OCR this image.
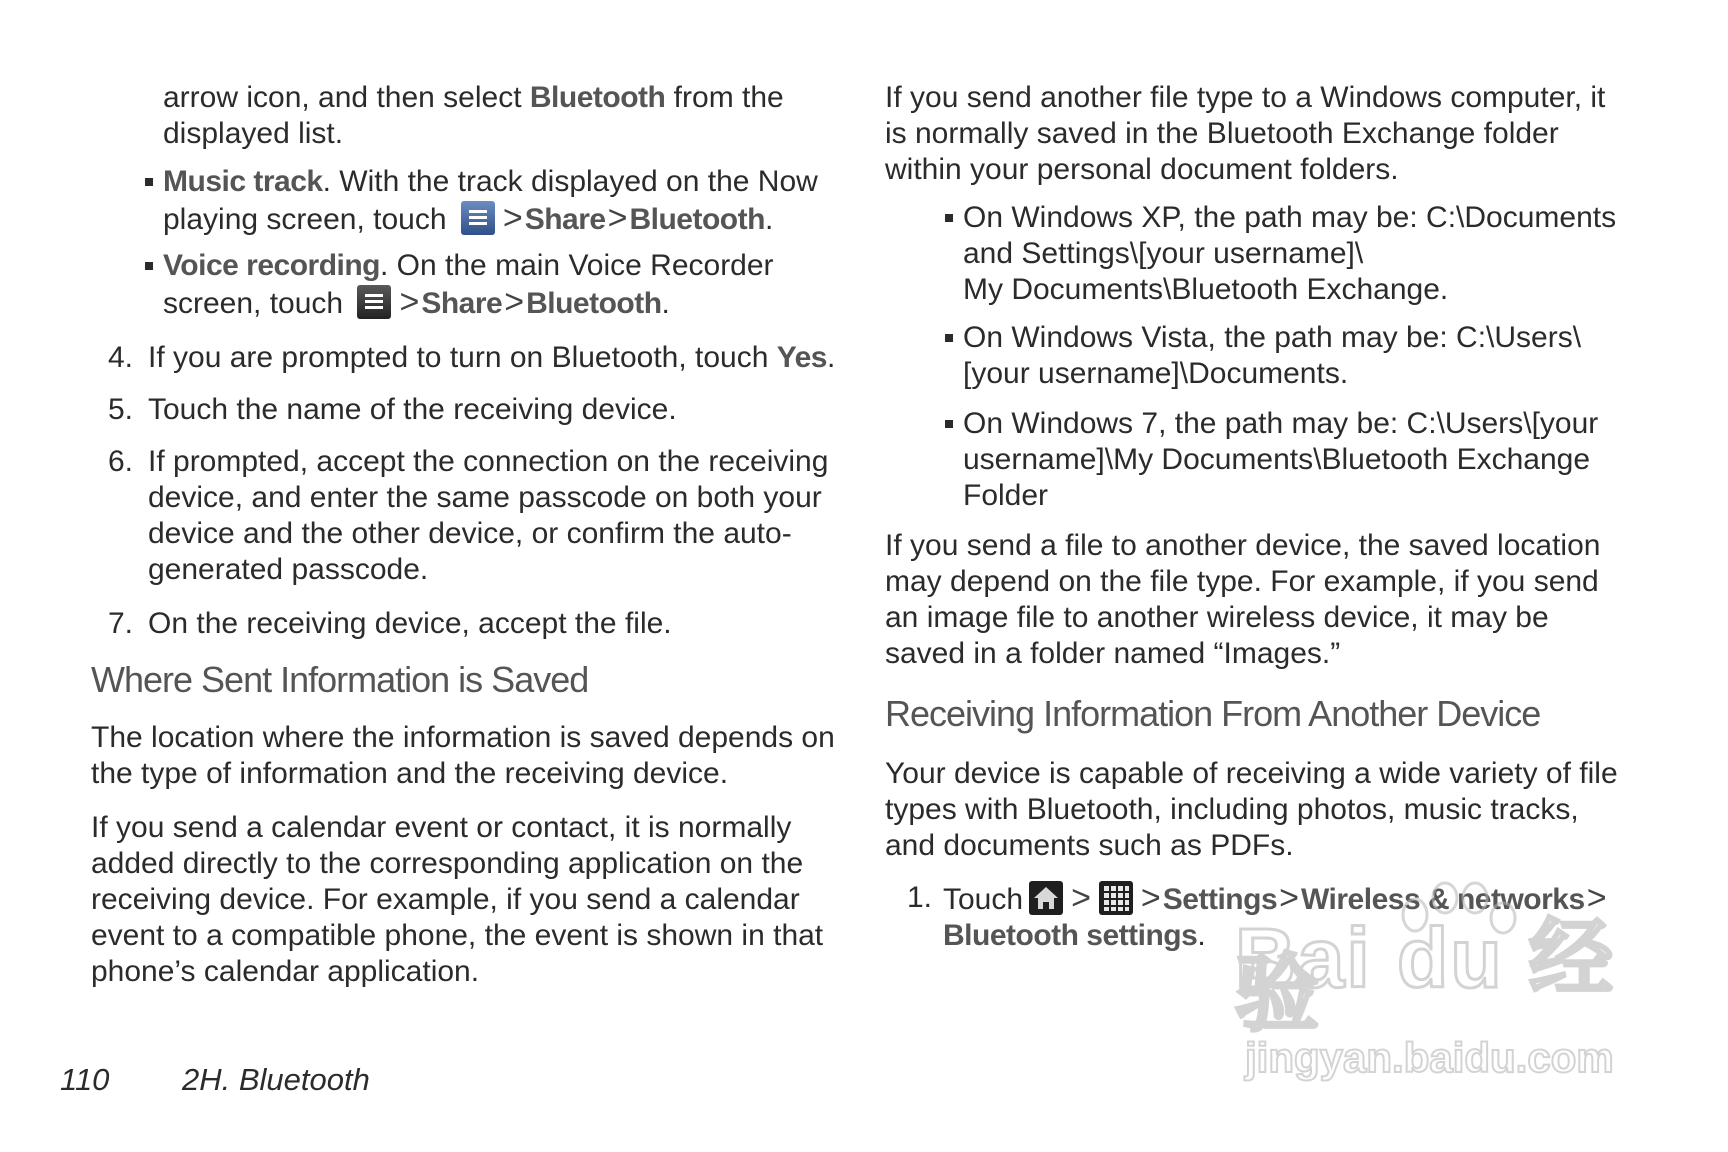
arrow icon, and then select Bluetooth from the displayed list.

Music track. With the track displayed on the Now playing screen, touch >Share>Bluetooth.
Voice recording. On the main Voice Recorder screen, touch >Share>Bluetooth.
4. If you are prompted to turn on Bluetooth, touch Yes.
5. Touch the name of the receiving device.
6. If prompted, accept the connection on the receiving device, and enter the same passcode on both your device and the other device, or confirm the auto-generated passcode.
7. On the receiving device, accept the file.
Where Sent Information is Saved

The location where the information is saved depends on the type of information and the receiving device.

If you send a calendar event or contact, it is normally added directly to the corresponding application on the receiving device. For example, if you send a calendar event to a compatible phone, the event is shown in that phone’s calendar application.

If you send another file type to a Windows computer, it is normally saved in the Bluetooth Exchange folder within your personal document folders.

On Windows XP, the path may be: C:\Documents and Settings\[your username]\
My Documents\Bluetooth Exchange.
On Windows Vista, the path may be: C:\Users\[your username]\Documents.
On Windows 7, the path may be: C:\Users\[your username]\My Documents\Bluetooth Exchange Folder

If you send a file to another device, the saved location may depend on the file type. For example, if you send an image file to another wireless device, it may be saved in a folder named “Images.”

Receiving Information From Another Device

Your device is capable of receiving a wide variety of file types with Bluetooth, including photos, music tracks, and documents such as PDFs.

1. Touch > >Settings>Wireless & networks>
Bluetooth settings.
110 2H. Bluetooth
Bai du 经验
jingyan.baidu.com
